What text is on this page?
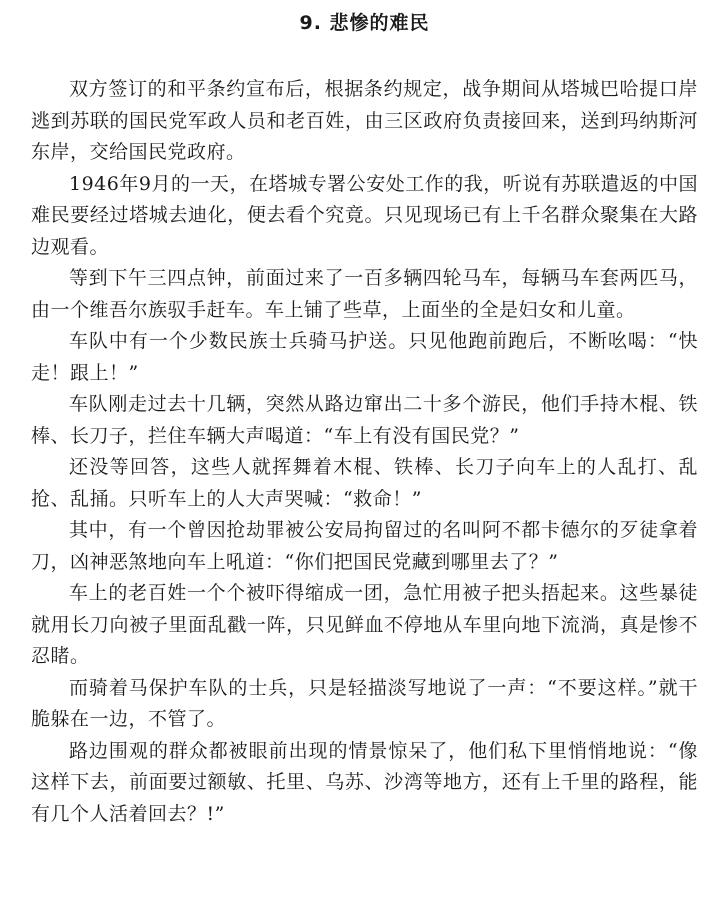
9. 悲惨的难民

双方签订的和平条约宣布后，根据条约规定，战争期间从塔城巴哈提口岸逃到苏联的国民党军政人员和老百姓，由三区政府负责接回来，送到玛纳斯河东岸，交给国民党政府。

1946年9月的一天，在塔城专署公安处工作的我，听说有苏联遣返的中国难民要经过塔城去迪化，便去看个究竟。只见现场已有上千名群众聚集在大路边观看。

等到下午三四点钟，前面过来了一百多辆四轮马车，每辆马车套两匹马，由一个维吾尔族驭手赶车。车上铺了些草，上面坐的全是妇女和儿童。

车队中有一个少数民族士兵骑马护送。只见他跑前跑后，不断吆喝：“快走！跟上！”

车队刚走过去十几辆，突然从路边窜出二十多个游民，他们手持木棍、铁棒、长刀子，拦住车辆大声喝道：“车上有没有国民党？”

还没等回答，这些人就挥舞着木棍、铁棒、长刀子向车上的人乱打、乱抢、乱捅。只听车上的人大声哭喊：“救命！”

其中，有一个曾因抢劫罪被公安局拘留过的名叫阿不都卡德尔的歹徒拿着刀，凶神恶煞地向车上吼道：“你们把国民党藏到哪里去了？”

车上的老百姓一个个被吓得缩成一团，急忙用被子把头捂起来。这些暴徒就用长刀向被子里面乱戳一阵，只见鲜血不停地从车里向地下流淌，真是惨不忍睹。

而骑着马保护车队的士兵，只是轻描淡写地说了一声：“不要这样。”就干脆躲在一边，不管了。

路边围观的群众都被眼前出现的情景惊呆了，他们私下里悄悄地说：“像这样下去，前面要过额敏、托里、乌苏、沙湾等地方，还有上千里的路程，能有几个人活着回去？!”
